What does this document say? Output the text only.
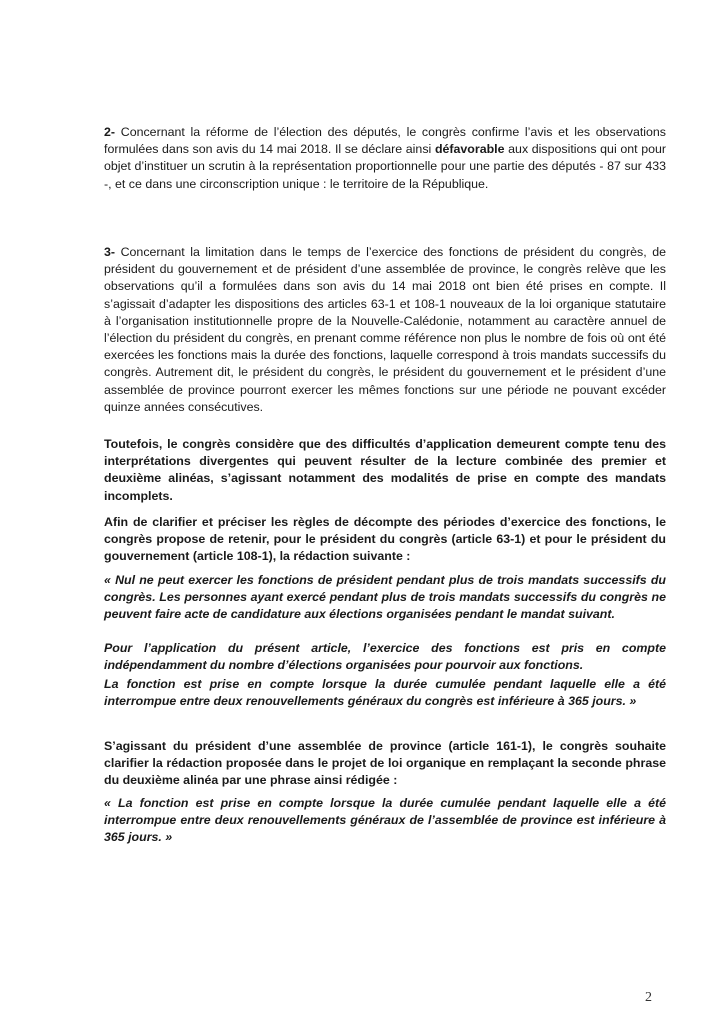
2- Concernant la réforme de l’élection des députés, le congrès confirme l’avis et les observations formulées dans son avis du 14 mai 2018. Il se déclare ainsi défavorable aux dispositions qui ont pour objet d’instituer un scrutin à la représentation proportionnelle pour une partie des députés - 87 sur 433 -, et ce dans une circonscription unique : le territoire de la République.

3- Concernant la limitation dans le temps de l’exercice des fonctions de président du congrès, de président du gouvernement et de président d’une assemblée de province, le congrès relève que les observations qu’il a formulées dans son avis du 14 mai 2018 ont bien été prises en compte. Il s’agissait d’adapter les dispositions des articles 63-1 et 108-1 nouveaux de la loi organique statutaire à l’organisation institutionnelle propre de la Nouvelle-Calédonie, notamment au caractère annuel de l’élection du président du congrès, en prenant comme référence non plus le nombre de fois où ont été exercées les fonctions mais la durée des fonctions, laquelle correspond à trois mandats successifs du congrès. Autrement dit, le président du congrès, le président du gouvernement et le président d’une assemblée de province pourront exercer les mêmes fonctions sur une période ne pouvant excéder quinze années consécutives.

Toutefois, le congrès considère que des difficultés d’application demeurent compte tenu des interprétations divergentes qui peuvent résulter de la lecture combinée des premier et deuxième alinéas, s’agissant notamment des modalités de prise en compte des mandats incomplets.

Afin de clarifier et préciser les règles de décompte des périodes d’exercice des fonctions, le congrès propose de retenir, pour le président du congrès (article 63-1) et pour le président du gouvernement (article 108-1), la rédaction suivante :

« Nul ne peut exercer les fonctions de président pendant plus de trois mandats successifs du congrès. Les personnes ayant exercé pendant plus de trois mandats successifs du congrès ne peuvent faire acte de candidature aux élections organisées pendant le mandat suivant.

Pour l’application du présent article, l’exercice des fonctions est pris en compte indépendamment du nombre d’élections organisées pour pourvoir aux fonctions.

La fonction est prise en compte lorsque la durée cumulée pendant laquelle elle a été interrompue entre deux renouvellements généraux du congrès est inférieure à 365 jours. »

S’agissant du président d’une assemblée de province (article 161-1), le congrès souhaite clarifier la rédaction proposée dans le projet de loi organique en remplaçant la seconde phrase du deuxième alinéa par une phrase ainsi rédigée :

« La fonction est prise en compte lorsque la durée cumulée pendant laquelle elle a été interrompue entre deux renouvellements généraux de l’assemblée de province est inférieure à 365 jours. »

2
